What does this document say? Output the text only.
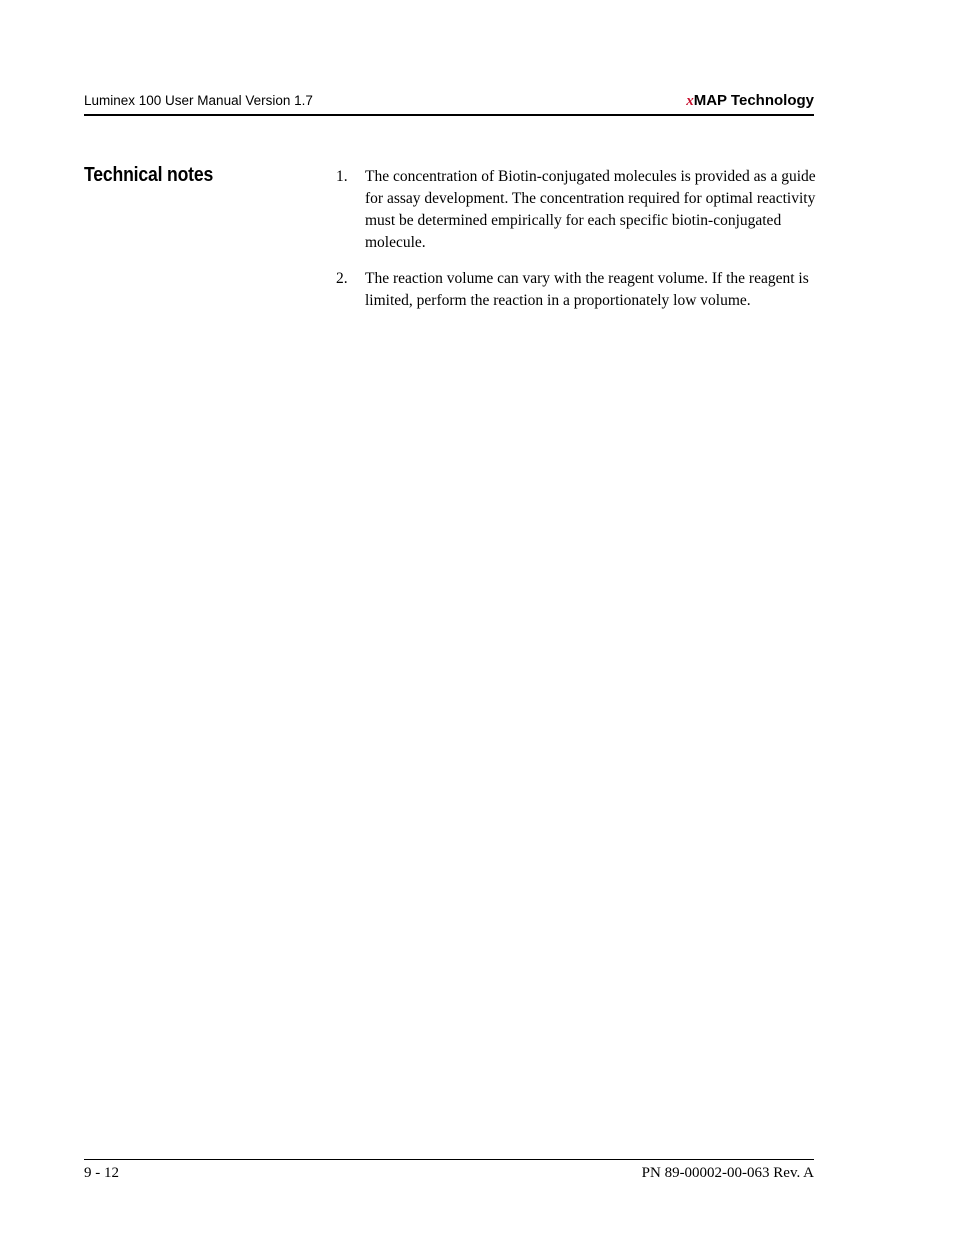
Luminex 100 User Manual Version 1.7	xMAP Technology
Technical notes	1. The concentration of Biotin-conjugated molecules is provided as a guide for assay development. The concentration required for optimal reactivity must be determined empirically for each specific biotin-conjugated molecule.
2. The reaction volume can vary with the reagent volume. If the reagent is limited, perform the reaction in a proportionately low volume.
9 - 12	PN 89-00002-00-063 Rev. A
